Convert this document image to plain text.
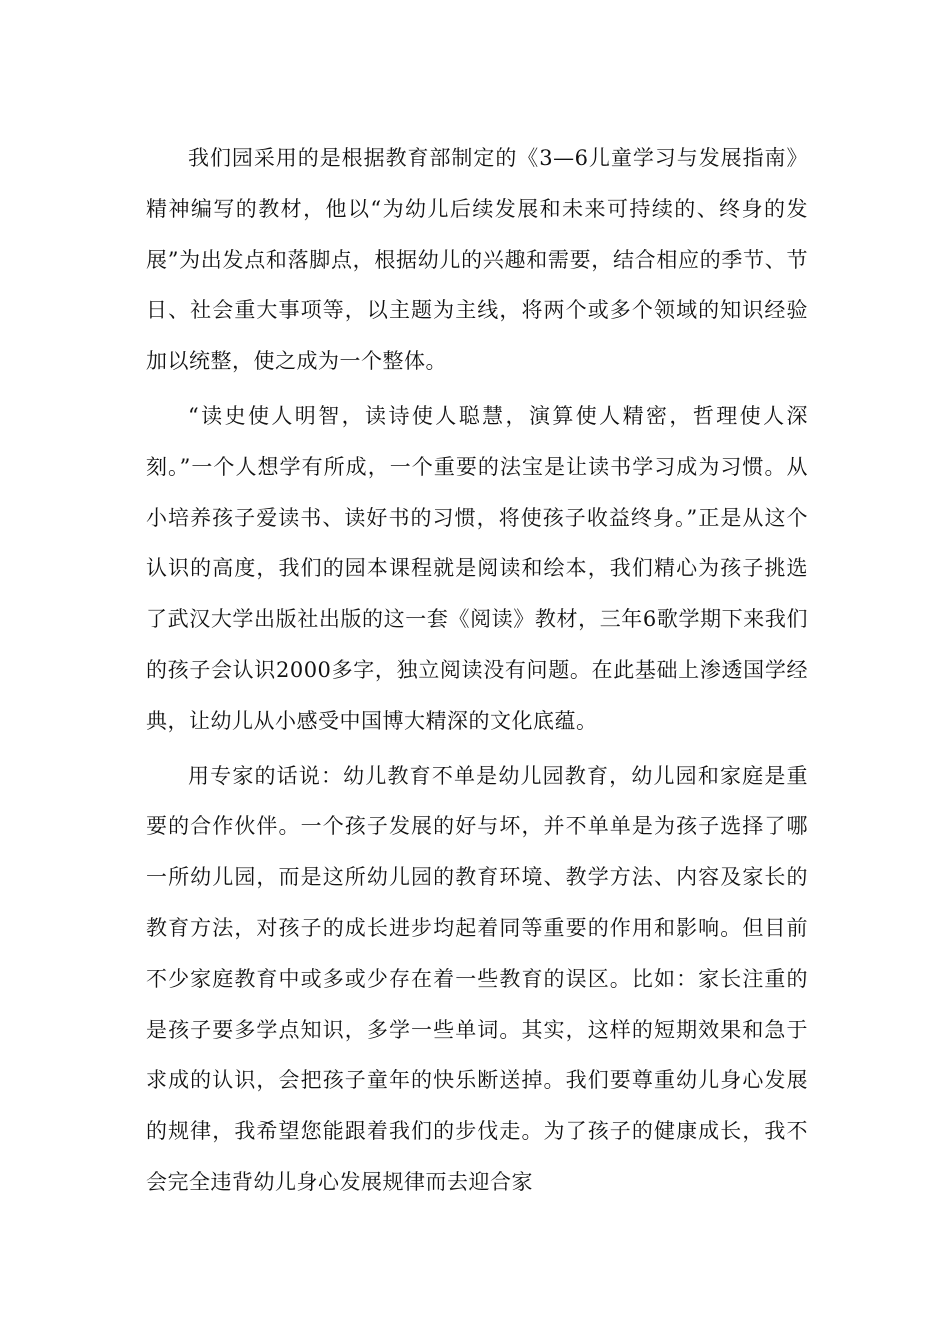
我们园采用的是根据教育部制定的《3—6儿童学习与发展指南》精神编写的教材，他以“为幼儿后续发展和未来可持续的、终身的发展”为出发点和落脚点，根据幼儿的兴趣和需要，结合相应的季节、节日、社会重大事项等，以主题为主线，将两个或多个领域的知识经验加以统整，使之成为一个整体。

“读史使人明智，读诗使人聪慧，演算使人精密，哲理使人深刻。”一个人想学有所成，一个重要的法宝是让读书学习成为习惯。从小培养孩子爱读书、读好书的习惯，将使孩子收益终身。”正是从这个认识的高度，我们的园本课程就是阅读和绘本，我们精心为孩子挑选了武汉大学出版社出版的这一套《阅读》教材，三年6歌学期下来我们的孩子会认识2000多字，独立阅读没有问题。在此基础上渗透国学经典，让幼儿从小感受中国博大精深的文化底蕴。

用专家的话说：幼儿教育不单是幼儿园教育，幼儿园和家庭是重要的合作伙伴。一个孩子发展的好与坏，并不单单是为孩子选择了哪一所幼儿园，而是这所幼儿园的教育环境、教学方法、内容及家长的教育方法，对孩子的成长进步均起着同等重要的作用和影响。但目前不少家庭教育中或多或少存在着一些教育的误区。比如：家长注重的是孩子要多学点知识，多学一些单词。其实，这样的短期效果和急于求成的认识，会把孩子童年的快乐断送掉。我们要尊重幼儿身心发展的规律，我希望您能跟着我们的步伐走。为了孩子的健康成长，我不会完全违背幼儿身心发展规律而去迎合家
